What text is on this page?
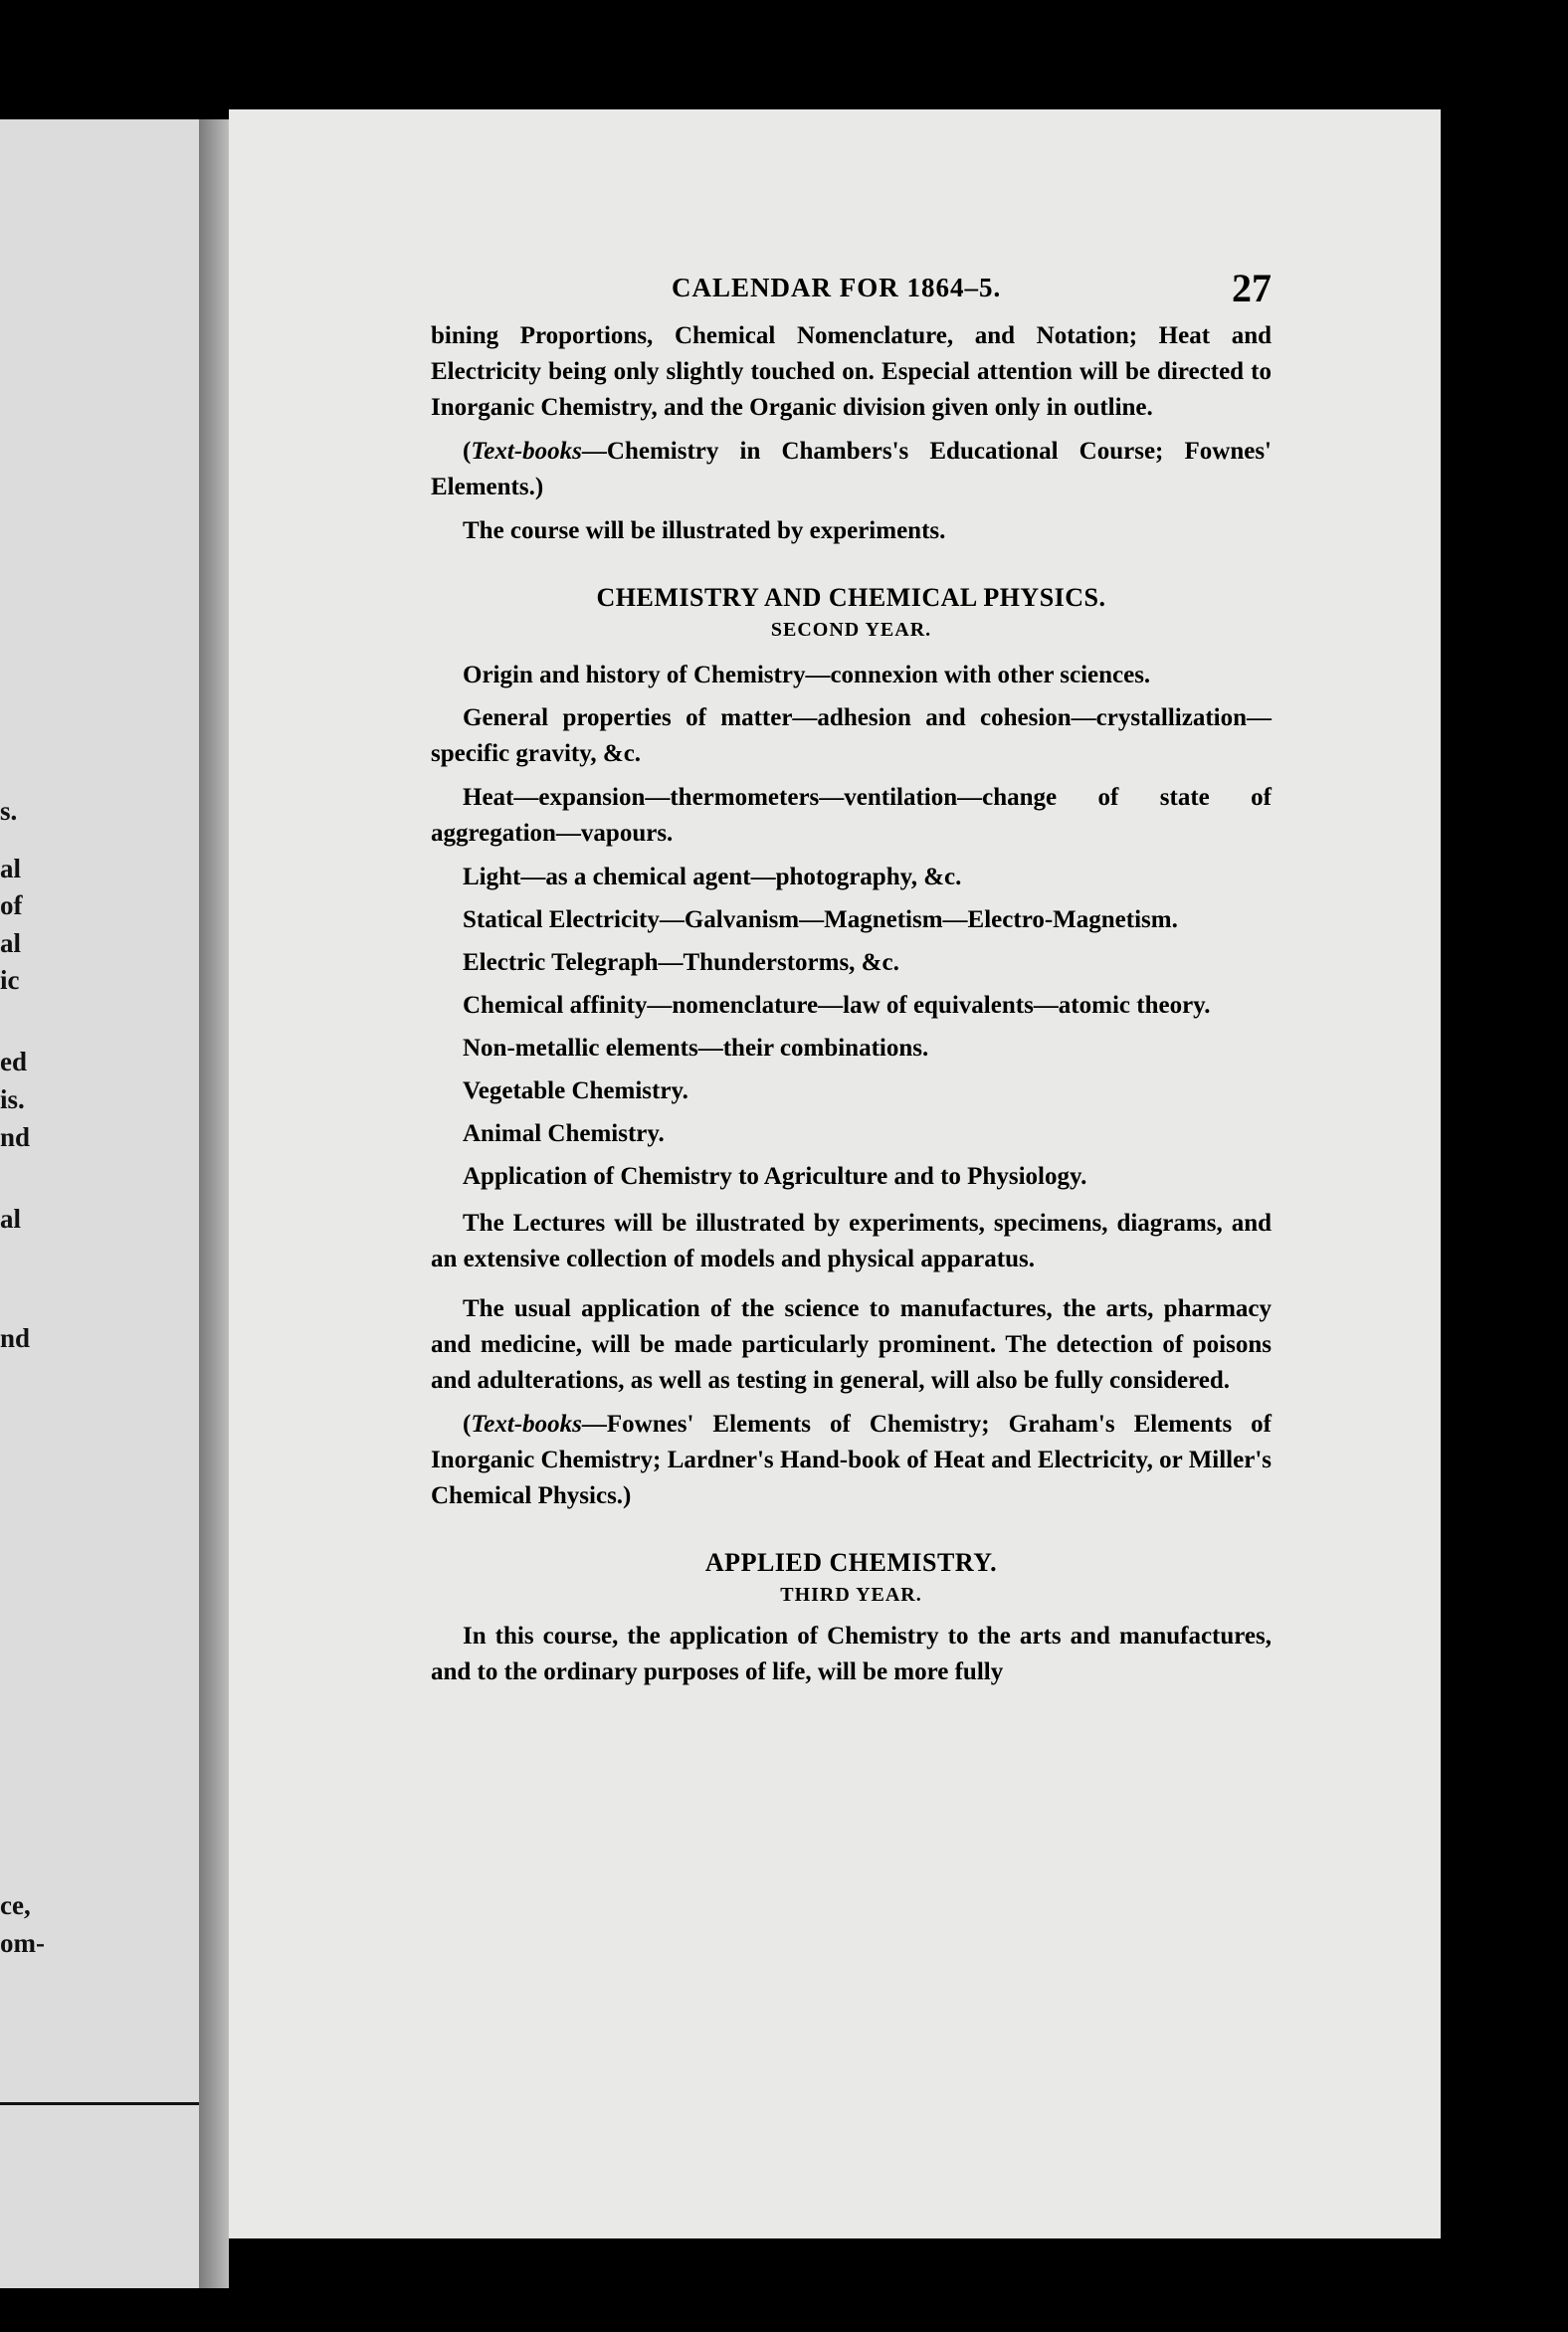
s.
al
of
al
ic
ed
is.
nd
al
nd
ce,
om-
CALENDAR FOR 1864–5.	27

bining Proportions, Chemical Nomenclature, and Notation; Heat and Electricity being only slightly touched on. Especial attention will be directed to Inorganic Chemistry, and the Organic division given only in outline.

(Text-books—Chemistry in Chambers's Educational Course; Fownes' Elements.)

The course will be illustrated by experiments.

CHEMISTRY AND CHEMICAL PHYSICS.
SECOND YEAR.

Origin and history of Chemistry—connexion with other sciences.

General properties of matter—adhesion and cohesion—crystallization—specific gravity, &c.

Heat—expansion—thermometers—ventilation—change of state of aggregation—vapours.

Light—as a chemical agent—photography, &c.

Statical Electricity—Galvanism—Magnetism—Electro-Magnetism.

Electric Telegraph—Thunderstorms, &c.

Chemical affinity—nomenclature—law of equivalents—atomic theory.

Non-metallic elements—their combinations.

Vegetable Chemistry.

Animal Chemistry.

Application of Chemistry to Agriculture and to Physiology.

The Lectures will be illustrated by experiments, specimens, diagrams, and an extensive collection of models and physical apparatus.

The usual application of the science to manufactures, the arts, pharmacy and medicine, will be made particularly prominent. The detection of poisons and adulterations, as well as testing in general, will also be fully considered.

(Text-books—Fownes' Elements of Chemistry; Graham's Elements of Inorganic Chemistry; Lardner's Hand-book of Heat and Electricity, or Miller's Chemical Physics.)

APPLIED CHEMISTRY.
THIRD YEAR.

In this course, the application of Chemistry to the arts and manufactures, and to the ordinary purposes of life, will be more fully
